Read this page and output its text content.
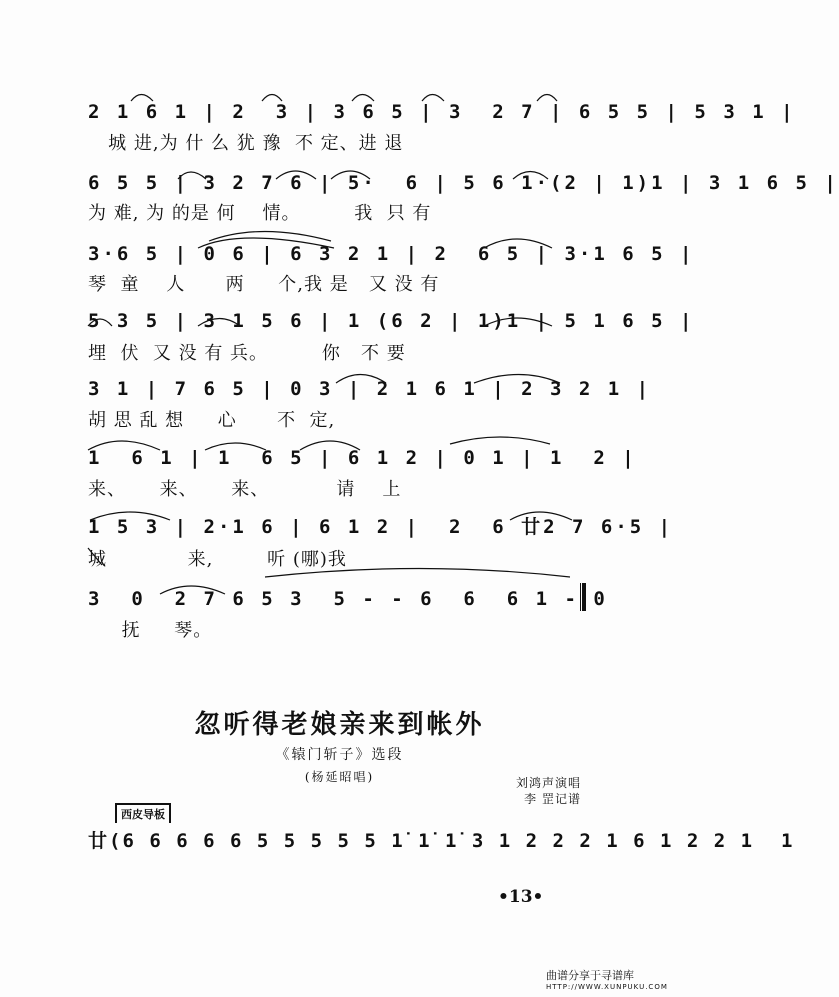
2 1 6 1 | 2  3 | 3 6 5 | 3  2 7 | 6 5 5 | 5 3 1 |
城 进,为 什 么 犹 豫  不 定、进 退
6 5 5 | 3 2 7 6 | 5·  6 | 5 6 1·(2 | 1)1 | 3 1 6 5 |
为 难, 为 的是 何    情。        我  只 有
3·6 5 | 0 6 | 6 3 2 1 | 2  6 5 | 3·1 6 5 |
琴  童    人      两     个,我 是   又 没 有
5 3 5 | 3 1 5 6 | 1 (6 2 | 1)1 | 5 1 6 5 |
埋  伏  又 没 有 兵。        你   不 要
3 1 | 7 6 5 | 0 3 | 2 1 6 1 | 2 3 2 1 |
胡 思 乱 想     心      不  定,
1  6 1 | 1  6 5 | 6 1 2 | 0 1 | 1  2 |
来、     来、     来、          请    上
1 5 3 | 2·1 6 | 6 1 2 |  2  6 廿2 7 6·5 |
城            来,        听 (哪)我
3  0  2 7 6 5 3  5 - - 6  6  6 1 - 0
抚     琴。
忽听得老娘亲来到帐外
《辕门斩子》选段
(杨延昭唱)	刘鸿声演唱
李 罡记谱
西皮导板
廿(6 6 6 6 6 5 5 5 5 5 1̇ 1̇ 1̇ 3 1 2 2 2 1 6 1 2 2 1  1
•13•
曲谱分享于寻谱库
HTTP://WWW.XUNPUKU.COM
